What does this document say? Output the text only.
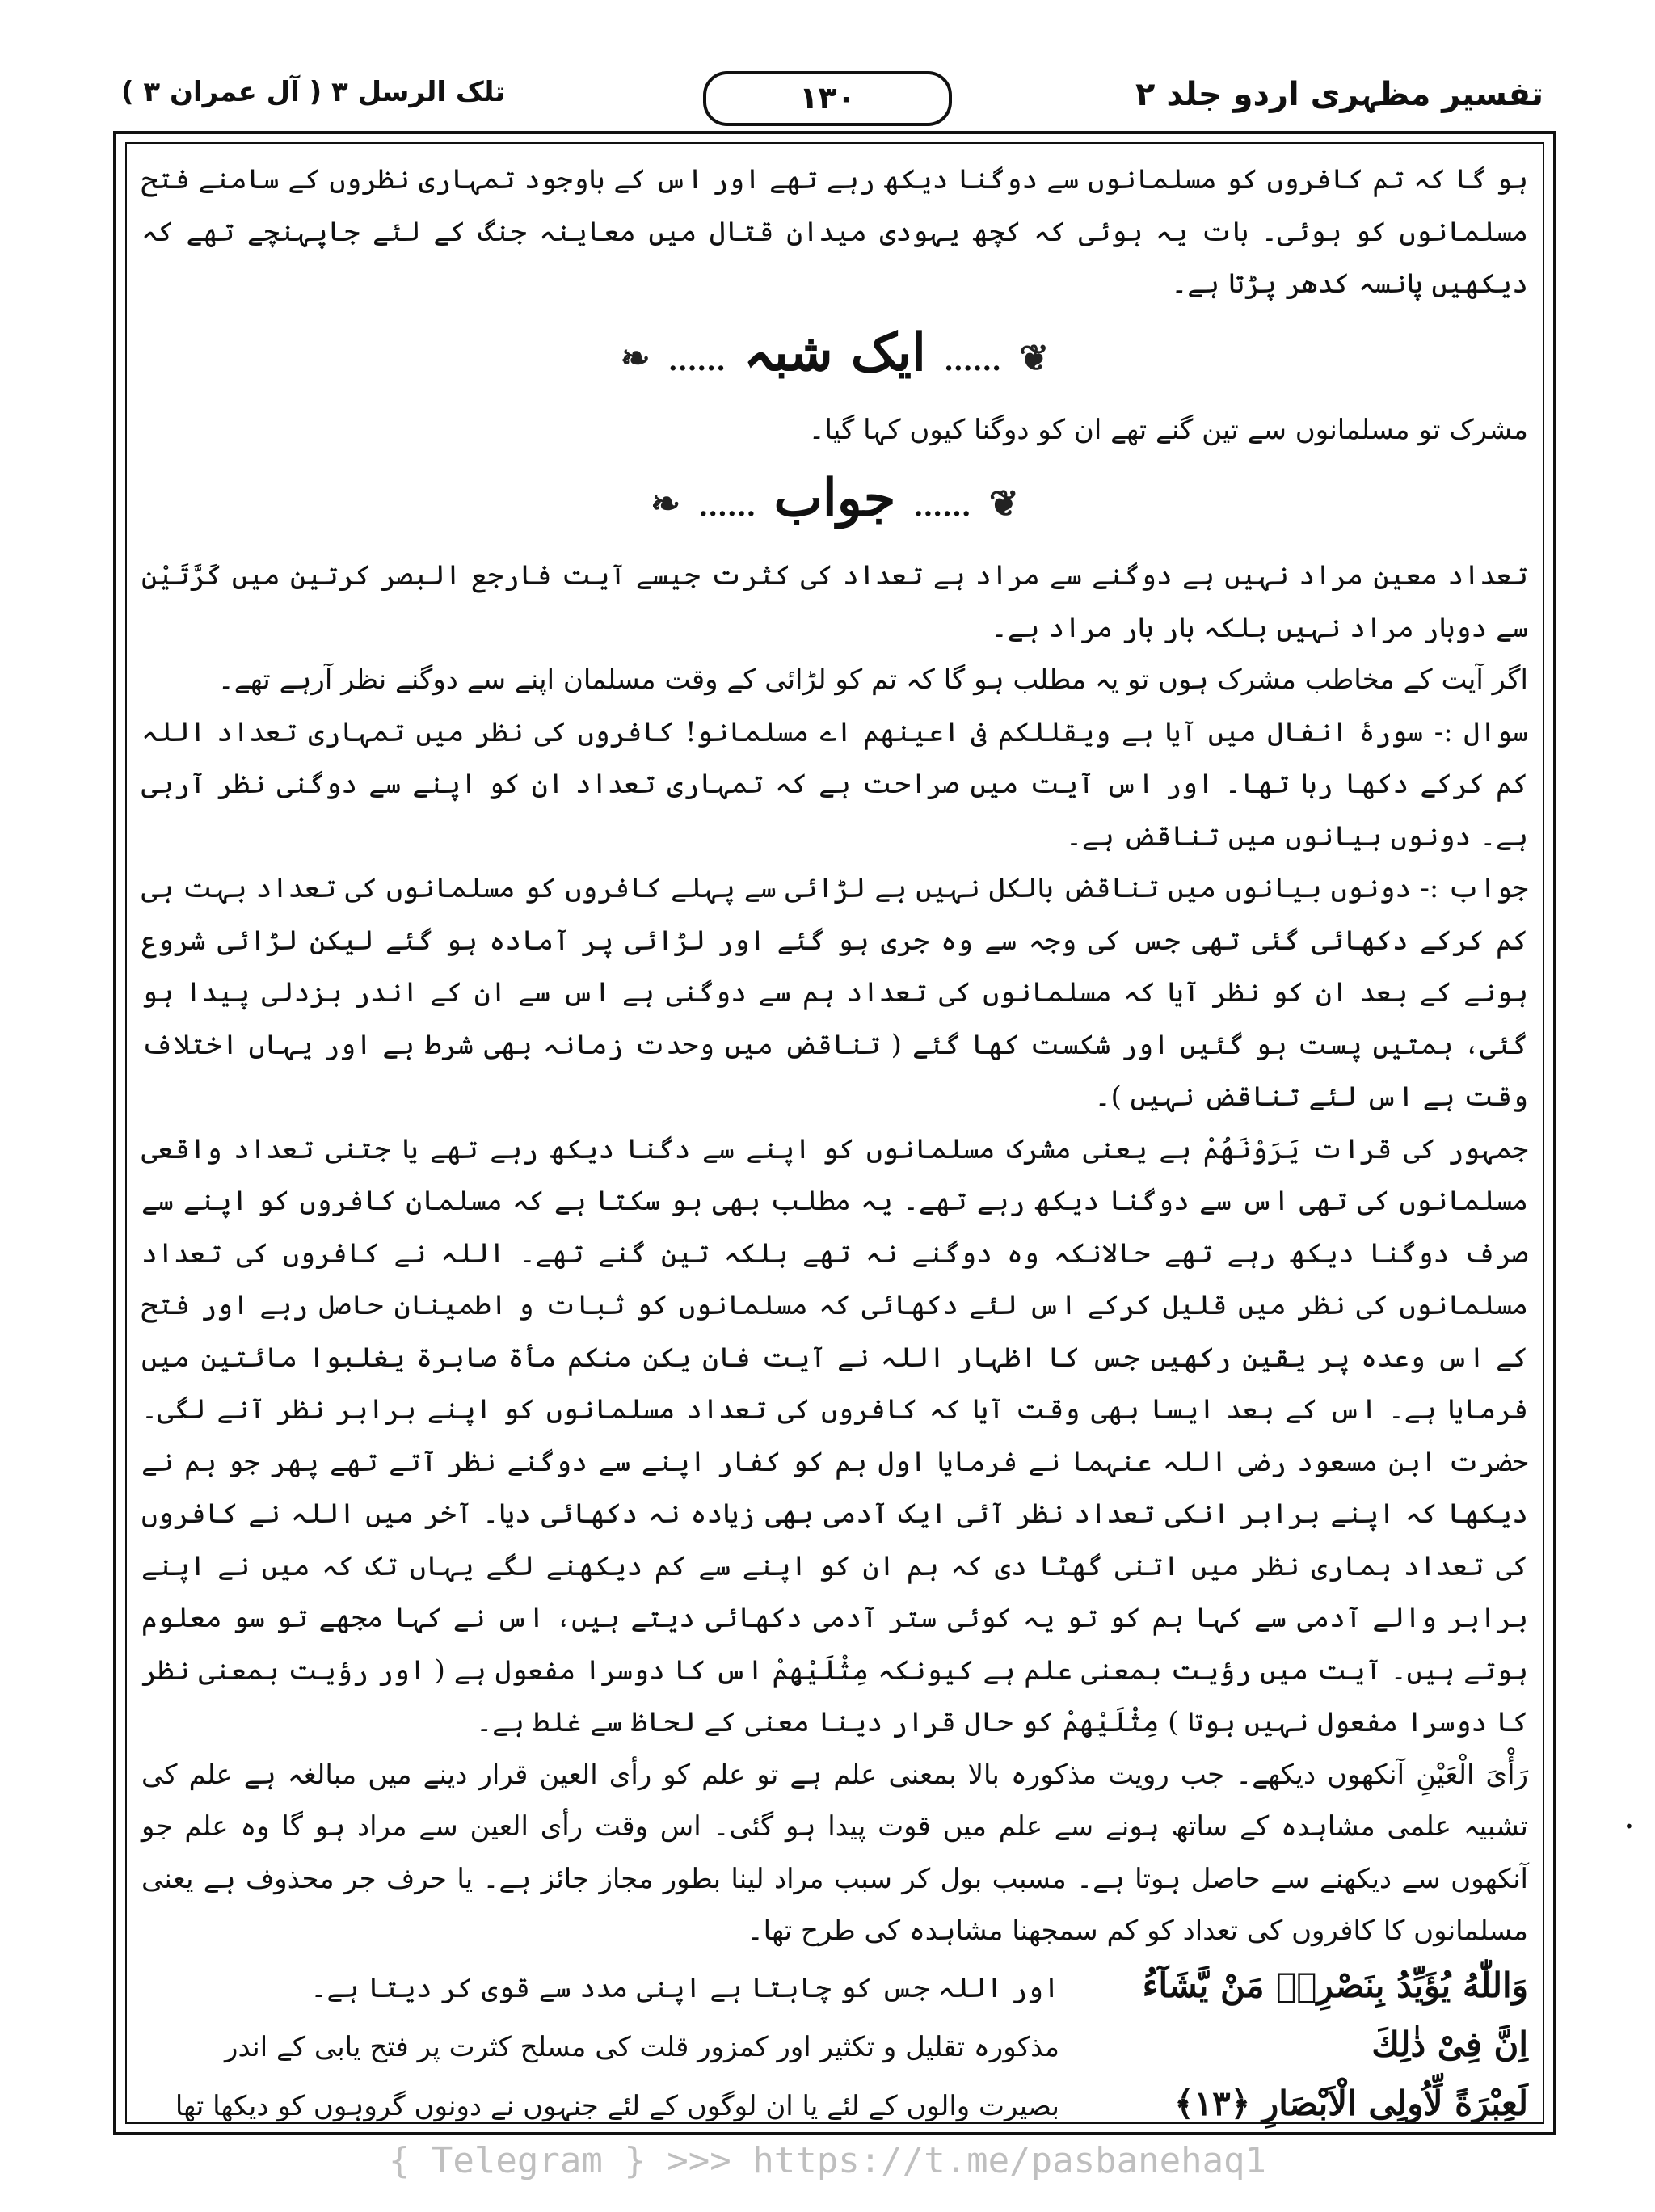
تفسیر مظہری اردو جلد ۲
۱۳۰
تلک الرسل ۳ ( آل عمران ۳ )

ہو گا کہ تم کافروں کو مسلمانوں سے دوگنا دیکھ رہے تھے اور اس کے باوجود تمہاری نظروں کے سامنے فتح مسلمانوں کو ہوئی۔ بات یہ ہوئی کہ کچھ یہودی میدان قتال میں معاینہ جنگ کے لئے جاپہنچے تھے کہ دیکھیں پانسہ کدھر پڑتا ہے۔

❦ ...... ایک شبہ ...... ❧

مشرک تو مسلمانوں سے تین گنے تھے ان کو دوگنا کیوں کہا گیا۔

❦ ...... جواب ...... ❧

تعداد معین مراد نہیں ہے دوگنے سے مراد ہے تعداد کی کثرت جیسے آیت فارجع البصر کرتین میں کَرَّتَیْنِ سے دوبار مراد نہیں بلکہ بار بار مراد ہے۔

اگر آیت کے مخاطب مشرک ہوں تو یہ مطلب ہو گا کہ تم کو لڑائی کے وقت مسلمان اپنے سے دوگنے نظر آرہے تھے۔

سوال :- سورۂ انفال میں آیا ہے ویقللکم فی اعینھم اے مسلمانو! کافروں کی نظر میں تمہاری تعداد اللہ کم کرکے دکھا رہا تھا۔ اور اس آیت میں صراحت ہے کہ تمہاری تعداد ان کو اپنے سے دوگنی نظر آرہی ہے۔ دونوں بیانوں میں تناقض ہے۔

جواب :- دونوں بیانوں میں تناقض بالکل نہیں ہے لڑائی سے پہلے کافروں کو مسلمانوں کی تعداد بہت ہی کم کرکے دکھائی گئی تھی جس کی وجہ سے وہ جری ہو گئے اور لڑائی پر آمادہ ہو گئے لیکن لڑائی شروع ہونے کے بعد ان کو نظر آیا کہ مسلمانوں کی تعداد ہم سے دوگنی ہے اس سے ان کے اندر بزدلی پیدا ہو گئی، ہمتیں پست ہو گئیں اور شکست کھا گئے ( تناقض میں وحدت زمانہ بھی شرط ہے اور یہاں اختلاف وقت ہے اس لئے تناقض نہیں )۔

جمہور کی قرات یَرَوْنَھُمْ ہے یعنی مشرک مسلمانوں کو اپنے سے دگنا دیکھ رہے تھے یا جتنی تعداد واقعی مسلمانوں کی تھی اس سے دوگنا دیکھ رہے تھے۔ یہ مطلب بھی ہو سکتا ہے کہ مسلمان کافروں کو اپنے سے صرف دوگنا دیکھ رہے تھے حالانکہ وہ دوگنے نہ تھے بلکہ تین گنے تھے۔ اللہ نے کافروں کی تعداد مسلمانوں کی نظر میں قلیل کرکے اس لئے دکھائی کہ مسلمانوں کو ثبات و اطمینان حاصل رہے اور فتح کے اس وعدہ پر یقین رکھیں جس کا اظہار اللہ نے آیت فان یکن منکم مأۃ صابرۃ یغلبوا مائتین میں فرمایا ہے۔ اس کے بعد ایسا بھی وقت آیا کہ کافروں کی تعداد مسلمانوں کو اپنے برابر نظر آنے لگی۔ حضرت ابن مسعود رضی اللہ عنہما نے فرمایا اول ہم کو کفار اپنے سے دوگنے نظر آتے تھے پھر جو ہم نے دیکھا کہ اپنے برابر انکی تعداد نظر آئی ایک آدمی بھی زیادہ نہ دکھائی دیا۔ آخر میں اللہ نے کافروں کی تعداد ہماری نظر میں اتنی گھٹا دی کہ ہم ان کو اپنے سے کم دیکھنے لگے یہاں تک کہ میں نے اپنے برابر والے آدمی سے کہا ہم کو تو یہ کوئی ستر آدمی دکھائی دیتے ہیں، اس نے کہا مجھے تو سو معلوم ہوتے ہیں۔ آیت میں رؤیت بمعنی علم ہے کیونکہ مِثْلَیْھِمْ اس کا دوسرا مفعول ہے ( اور رؤیت بمعنی نظر کا دوسرا مفعول نہیں ہوتا ) مِثْلَیْھِمْ کو حال قرار دینا معنی کے لحاظ سے غلط ہے۔

رَأْیَ الْعَیْنِ آنکھوں دیکھے۔ جب رویت مذکورہ بالا بمعنی علم ہے تو علم کو رأی العین قرار دینے میں مبالغہ ہے علم کی تشبیہ علمی مشاہدہ کے ساتھ ہونے سے علم میں قوت پیدا ہو گئی۔ اس وقت رأی العین سے مراد ہو گا وہ علم جو آنکھوں سے دیکھنے سے حاصل ہوتا ہے۔ مسبب بول کر سبب مراد لینا بطور مجاز جائز ہے۔ یا حرف جر محذوف ہے یعنی مسلمانوں کا کافروں کی تعداد کو کم سمجھنا مشاہدہ کی طرح تھا۔

وَاللّٰهُ یُؤَیِّدُ بِنَصْرِهٖ مَنْ یَّشَآءُ
اور اللہ جس کو چاہتا ہے اپنی مدد سے قوی کر دیتا ہے۔
اِنَّ فِیْ ذٰلِكَ
مذکورہ تقلیل و تکثیر اور کمزور قلت کی مسلح کثرت پر فتح یابی کے اندر
لَعِبْرَةً لِّاُولِی الْاَبْصَارِ ﴿۱۳﴾
بصیرت والوں کے لئے یا ان لوگوں کے لئے جنہوں نے دونوں گروہوں کو دیکھا تھا
•
{ Telegram } >>> https://t.me/pasbanehaq1
